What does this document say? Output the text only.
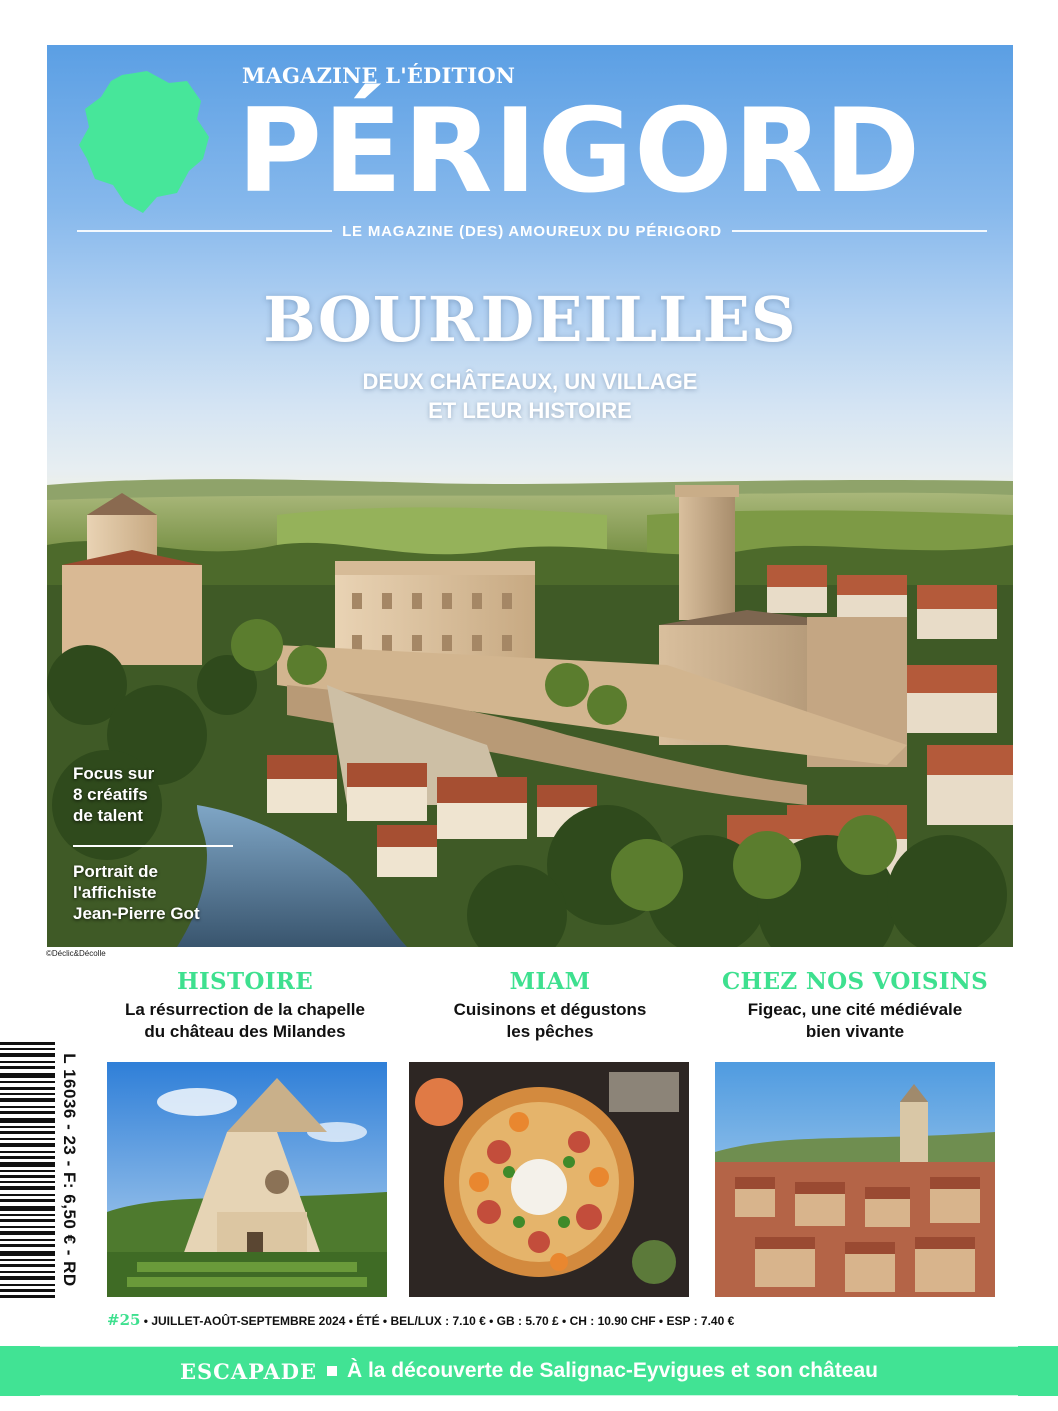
MAGAZINE L'ÉDITION
PÉRIGORD
LE MAGAZINE (DES) AMOUREUX DU PÉRIGORD
BOURDEILLES
DEUX CHÂTEAUX, UN VILLAGE
ET LEUR HISTOIRE
Focus sur
8 créatifs
de talent
Portrait de
l'affichiste
Jean-Pierre Got
©Déclic&Décolle
HISTOIRE
La résurrection de la chapelle
du château des Milandes
MIAM
Cuisinons et dégustons
les pêches
CHEZ NOS VOISINS
Figeac, une cité médiévale
bien vivante
L 16036 - 23 - F: 6,50 € - RD
#25 • JUILLET-AOÛT-SEPTEMBRE 2024 • ÉTÉ • BEL/LUX : 7.10 € • GB : 5.70 £ • CH : 10.90 CHF • ESP : 7.40 €
ESCAPADE À la découverte de Salignac-Eyvigues et son château
